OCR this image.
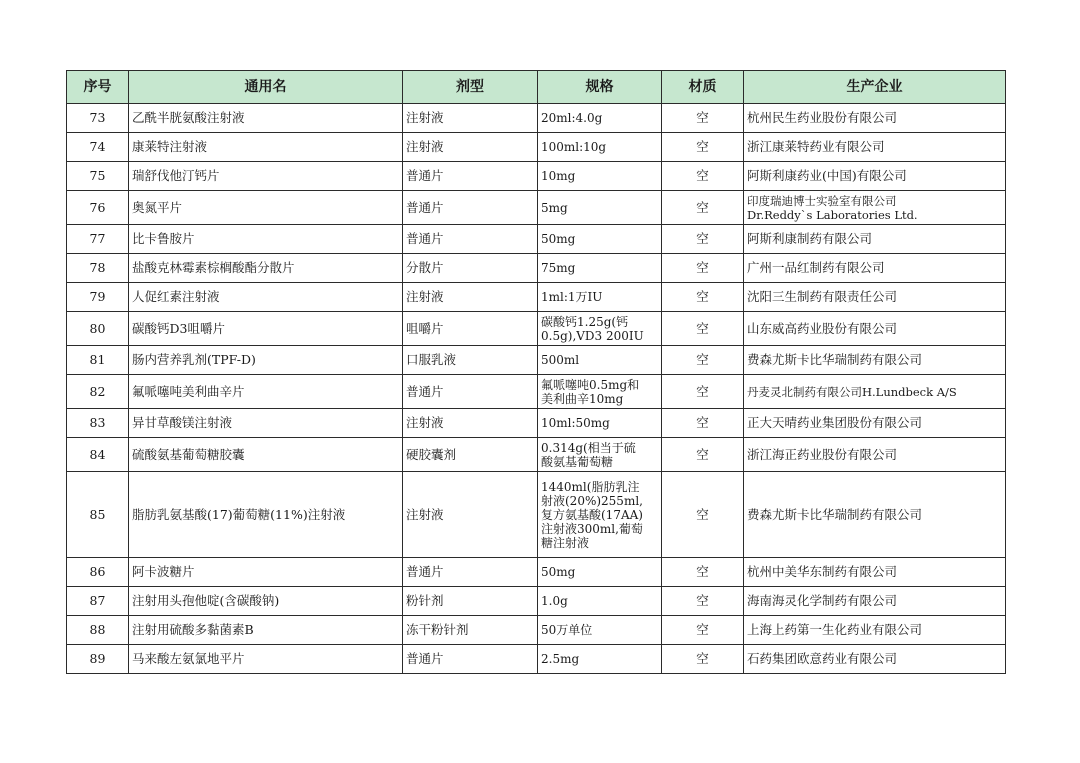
序号	通用名	剂型	规格	材质	生产企业
73	乙酰半胱氨酸注射液	注射液	20ml:4.0g	空	杭州民生药业股份有限公司
74	康莱特注射液	注射液	100ml:10g	空	浙江康莱特药业有限公司
75	瑞舒伐他汀钙片	普通片	10mg	空	阿斯利康药业(中国)有限公司
76	奥氮平片	普通片	5mg	空	印度瑞迪博士实验室有限公司
Dr.Reddy`s Laboratories Ltd.
77	比卡鲁胺片	普通片	50mg	空	阿斯利康制药有限公司
78	盐酸克林霉素棕榈酸酯分散片	分散片	75mg	空	广州一品红制药有限公司
79	人促红素注射液	注射液	1ml:1万IU	空	沈阳三生制药有限责任公司
80	碳酸钙D3咀嚼片	咀嚼片	碳酸钙1.25g(钙
0.5g),VD3 200IU	空	山东威高药业股份有限公司
81	肠内营养乳剂(TPF-D)	口服乳液	500ml	空	费森尤斯卡比华瑞制药有限公司
82	氟哌噻吨美利曲辛片	普通片	氟哌噻吨0.5mg和
美利曲辛10mg	空	丹麦灵北制药有限公司H.Lundbeck A/S
83	异甘草酸镁注射液	注射液	10ml:50mg	空	正大天晴药业集团股份有限公司
84	硫酸氨基葡萄糖胶囊	硬胶囊剂	0.314g(相当于硫
酸氨基葡萄糖	空	浙江海正药业股份有限公司
85	脂肪乳氨基酸(17)葡萄糖(11%)注射液	注射液	1440ml(脂肪乳注
射液(20%)255ml,
复方氨基酸(17AA)
注射液300ml,葡萄
糖注射液	空	费森尤斯卡比华瑞制药有限公司
86	阿卡波糖片	普通片	50mg	空	杭州中美华东制药有限公司
87	注射用头孢他啶(含碳酸钠)	粉针剂	1.0g	空	海南海灵化学制药有限公司
88	注射用硫酸多黏菌素B	冻干粉针剂	50万单位	空	上海上药第一生化药业有限公司
89	马来酸左氨氯地平片	普通片	2.5mg	空	石药集团欧意药业有限公司
